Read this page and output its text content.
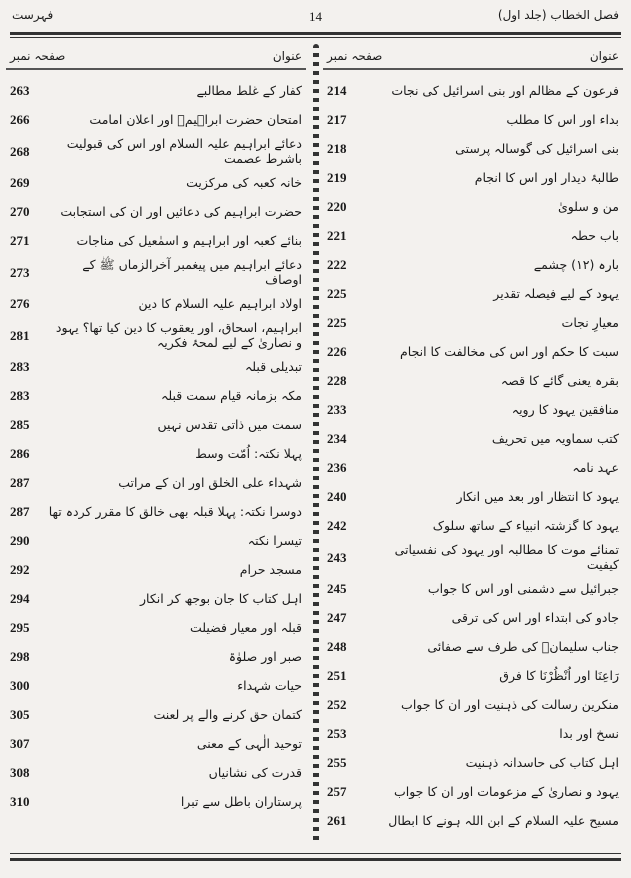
فصل الخطاب (جلد اول)
14
فہرست
عنوان
صفحہ نمبر
فرعون کے مظالم اور بنی اسرائیل کی نجات
214
بداء اور اس کا مطلب
217
بنی اسرائیل کی گوسالہ پرستی
218
طالبۂ دیدار اور اس کا انجام
219
من و سلویٰ
220
باب حطہ
221
بارہ (۱۲) چشمے
222
یہود کے لیے فیصلہ تقدیر
225
معیارِ نجات
225
سبت کا حکم اور اس کی مخالفت کا انجام
226
بقرہ یعنی گائے کا قصہ
228
منافقین یہود کا رویہ
233
کتب سماویہ میں تحریف
234
عہد نامہ
236
یہود کا انتظار اور بعد میں انکار
240
یہود کا گزشتہ انبیاء کے ساتھ سلوک
242
تمنائے موت کا مطالبہ اور یہود کی نفسیاتی کیفیت
243
جبرائیل سے دشمنی اور اس کا جواب
245
جادو کی ابتداء اور اس کی ترقی
247
جناب سلیمانؑ کی طرف سے صفائی
248
رَاعِنَا اور اُنْظُرْنَا کا فرق
251
منکرین رسالت کی ذہنیت اور ان کا جواب
252
نسخ اور بدا
253
اہل کتاب کی حاسدانہ ذہنیت
255
یہود و نصاریٰ کے مزعومات اور ان کا جواب
257
مسیح علیہ السلام کے ابن اللہ ہونے کا ابطال
261
عنوان
صفحہ نمبر
کفار کے غلط مطالبے
263
امتحان حضرت ابراہیمؑ اور اعلان امامت
266
دعائے ابراہیم علیہ السلام اور اس کی قبولیت باشرط عصمت
268
خانہ کعبہ کی مرکزیت
269
حضرت ابراہیم کی دعائیں اور ان کی استجابت
270
بنائے کعبہ اور ابراہیم و اسمٰعیل کی مناجات
271
دعائے ابراہیم میں پیغمبر آخرالزماں ﷺ کے اوصاف
273
اولاد ابراہیم علیہ السلام کا دین
276
ابراہیم، اسحاق، اور یعقوب کا دین کیا تھا؟ یہود و نصاریٰ کے لیے لمحۂ فکریہ
281
تبدیلی قبلہ
283
مکہ بزمانہ قیام سمت قبلہ
283
سمت میں ذاتی تقدس نہیں
285
پہلا نکتہ: اُمّت وسط
286
شہداء علی الخلق اور ان کے مراتب
287
دوسرا نکتہ: پہلا قبلہ بھی خالق کا مقرر کردہ تھا
287
تیسرا نکتہ
290
مسجد حرام
292
اہل کتاب کا جان بوجھ کر انکار
294
قبلہ اور معیار فضیلت
295
صبر اور صلوٰۃ
298
حیات شہداء
300
کتمان حق کرنے والے پر لعنت
305
توحید الٰہی کے معنی
307
قدرت کی نشانیاں
308
پرستاران باطل سے تبرا
310
